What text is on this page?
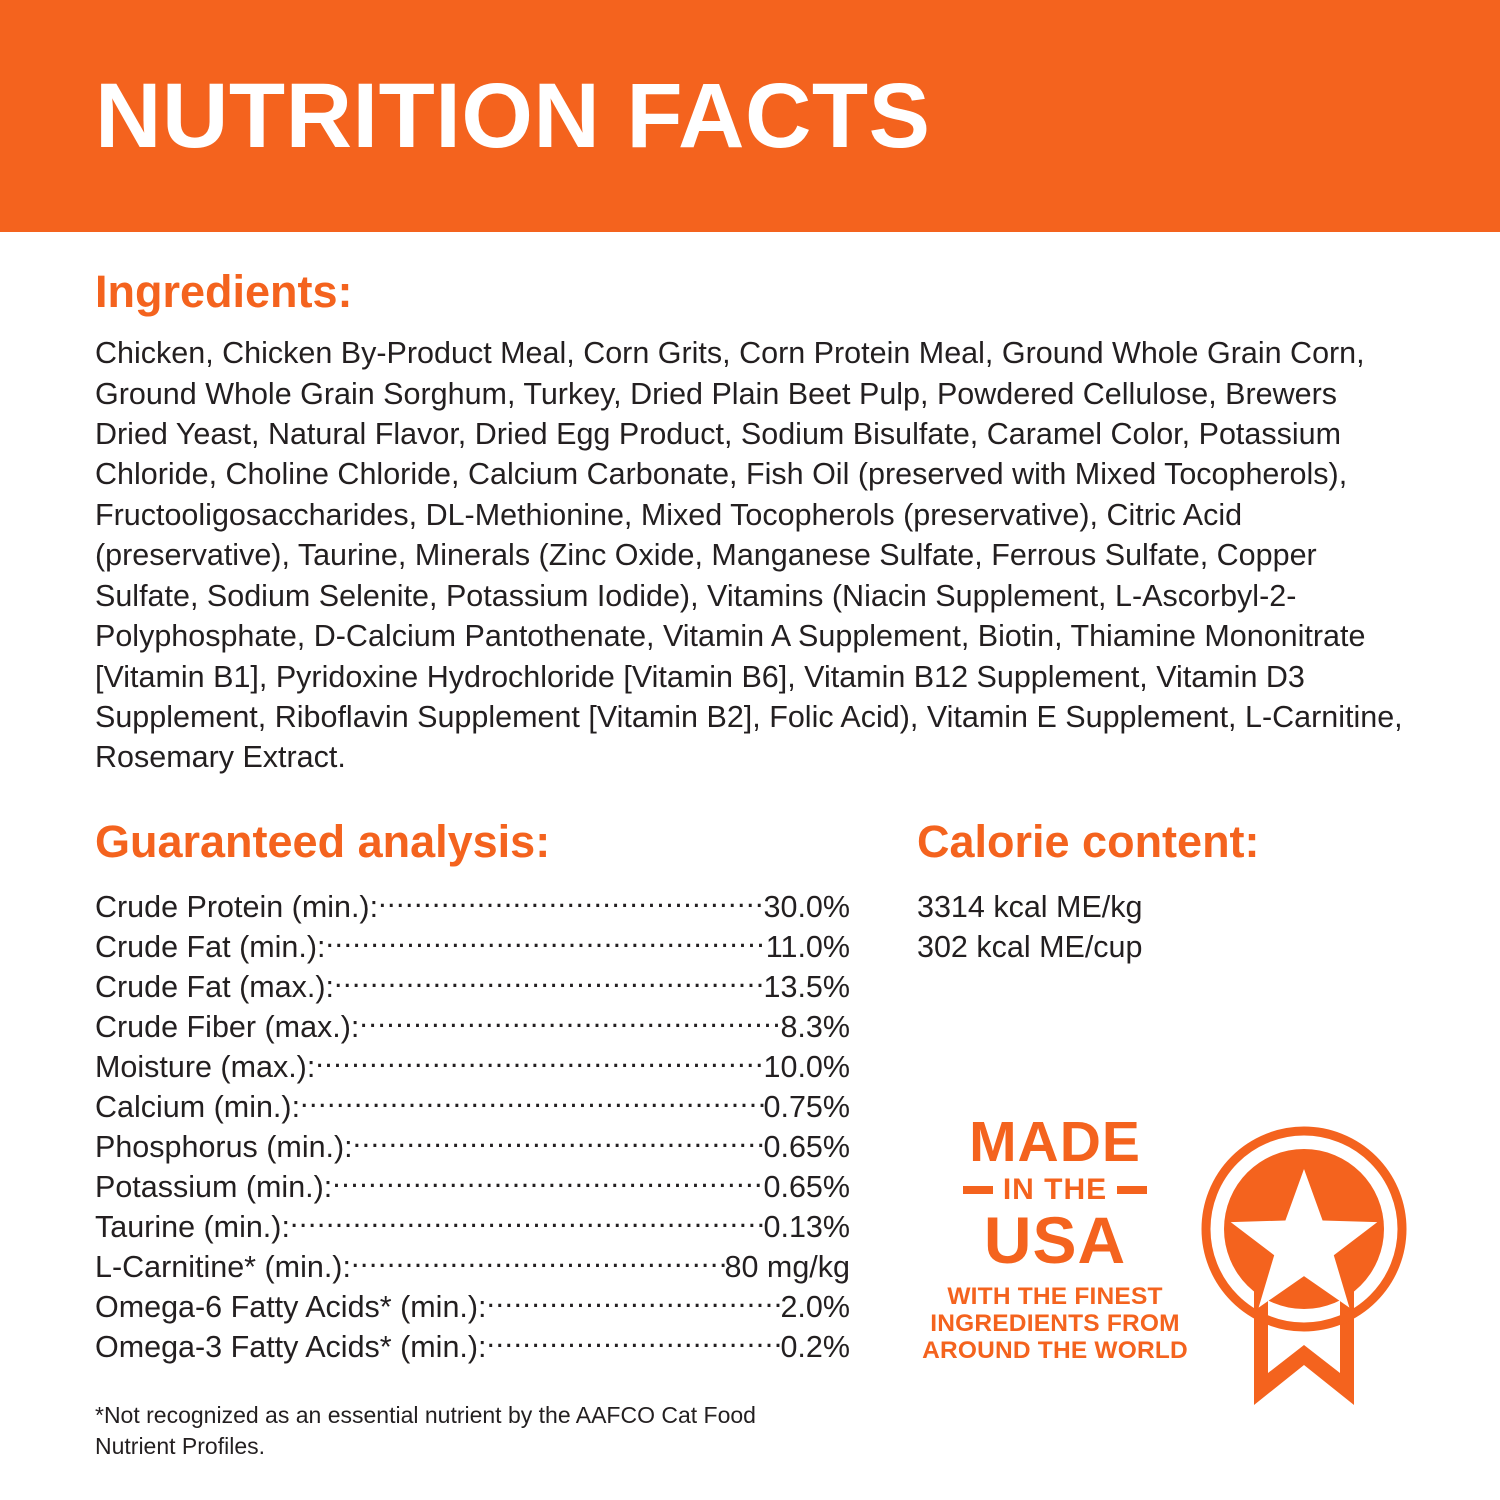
NUTRITION FACTS
Ingredients:
Chicken, Chicken By-Product Meal, Corn Grits, Corn Protein Meal, Ground Whole Grain Corn, Ground Whole Grain Sorghum, Turkey, Dried Plain Beet Pulp, Powdered Cellulose, Brewers Dried Yeast, Natural Flavor, Dried Egg Product, Sodium Bisulfate, Caramel Color, Potassium Chloride, Choline Chloride, Calcium Carbonate, Fish Oil (preserved with Mixed Tocopherols), Fructooligosaccharides, DL-Methionine, Mixed Tocopherols (preservative), Citric Acid (preservative), Taurine, Minerals (Zinc Oxide, Manganese Sulfate, Ferrous Sulfate, Copper Sulfate, Sodium Selenite, Potassium Iodide), Vitamins (Niacin Supplement, L-Ascorbyl-2-Polyphosphate, D-Calcium Pantothenate, Vitamin A Supplement, Biotin, Thiamine Mononitrate [Vitamin B1], Pyridoxine Hydrochloride [Vitamin B6], Vitamin B12 Supplement, Vitamin D3 Supplement, Riboflavin Supplement [Vitamin B2], Folic Acid), Vitamin E Supplement, L-Carnitine, Rosemary Extract.
Guaranteed analysis:
Crude Protein (min.): .....	30.0%
Crude Fat (min.): .....	11.0%
Crude Fat (max.): .....	13.5%
Crude Fiber (max.): .....	8.3%
Moisture (max.): .....	10.0%
Calcium (min.): .....	0.75%
Phosphorus (min.): .....	0.65%
Potassium (min.): .....	0.65%
Taurine (min.): .....	0.13%
L-Carnitine* (min.): .....	80 mg/kg
Omega-6 Fatty Acids* (min.): .....	2.0%
Omega-3 Fatty Acids* (min.): .....	0.2%
Calorie content:
3314 kcal ME/kg
302 kcal ME/cup
*Not recognized as an essential nutrient by the AAFCO Cat Food Nutrient Profiles.
MADE
IN THE
USA
WITH THE FINEST
INGREDIENTS FROM
AROUND THE WORLD
